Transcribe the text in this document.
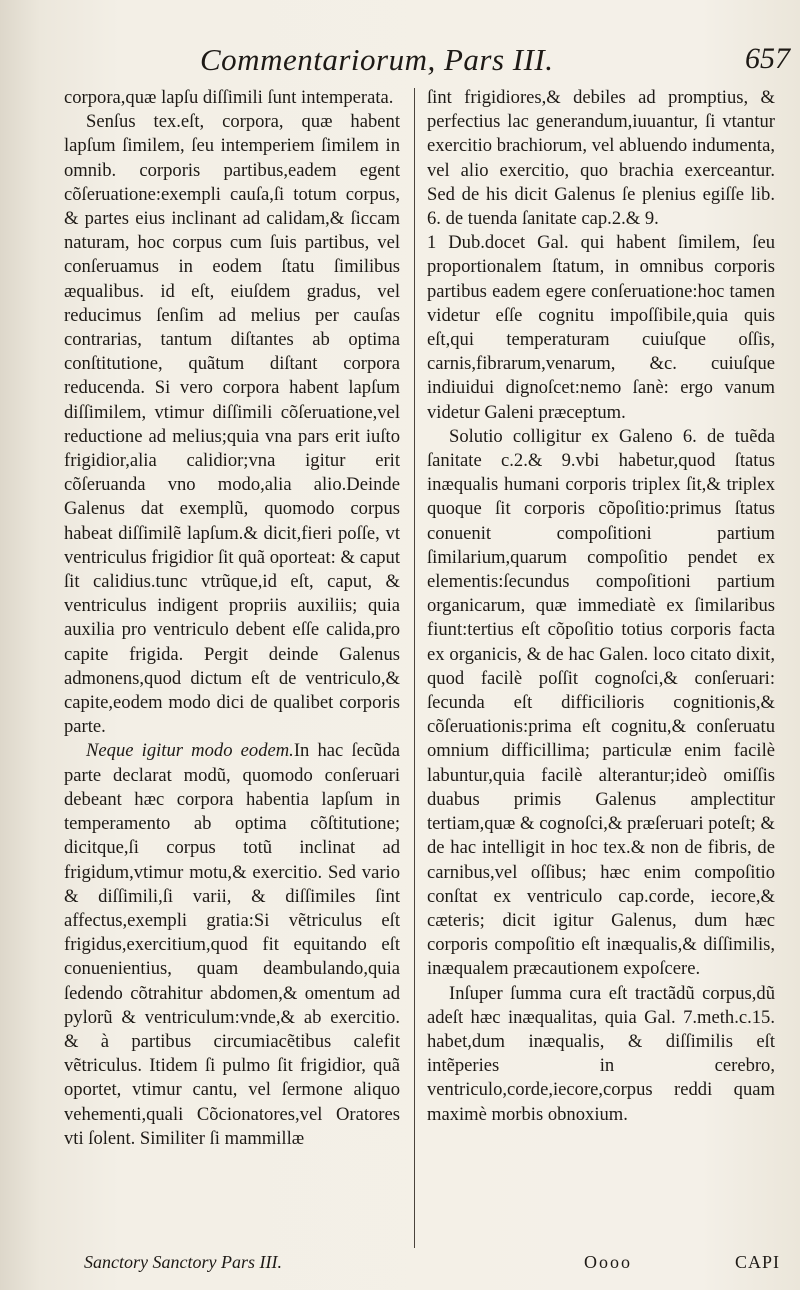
Commentariorum, Pars III.	657

corpora,quæ lapſu diſſimili ſunt intemperata.

Senſus tex.eſt, corpora, quæ habent lapſum ſimilem, ſeu intemperiem ſimilem in omnib. corporis partibus,eadem egent cõſeruatione:exempli cauſa,ſi totum corpus, & partes eius inclinant ad calidam,& ſiccam naturam, hoc corpus cum ſuis partibus, vel conſeruamus in eodem ſtatu ſimilibus æqualibus. id eſt, eiuſdem gradus, vel reducimus ſenſim ad melius per cauſas contrarias, tantum diſtantes ab optima conſtitutione, quãtum diſtant corpora reducenda. Si vero corpora habent lapſum diſſimilem, vtimur diſſimili cõſeruatione,vel reductione ad melius;quia vna pars erit iuſto frigidior,alia calidior;vna igitur erit cõſeruanda vno modo,alia alio.Deinde Galenus dat exemplũ, quomodo corpus habeat diſſimilẽ lapſum.& dicit,fieri poſſe, vt ventriculus frigidior ſit quã oporteat: & caput ſit calidius.tunc vtrũque,id eſt, caput, & ventriculus indigent propriis auxiliis; quia auxilia pro ventriculo debent eſſe calida,pro capite frigida. Pergit deinde Galenus admonens,quod dictum eſt de ventriculo,& capite,eodem modo dici de qualibet corporis parte.

Neque igitur modo eodem.In hac ſecũda parte declarat modũ, quomodo conſeruari debeant hæc corpora habentia lapſum in temperamento ab optima cõſtitutione; dicitque,ſi corpus totũ inclinat ad frigidum,vtimur motu,& exercitio. Sed vario & diſſimili,ſi varii, & diſſimiles ſint affectus,exempli gratia:Si vẽtriculus eſt frigidus,exercitium,quod fit equitando eſt conuenientius, quam deambulando,quia ſedendo cõtrahitur abdomen,& omentum ad pylorũ & ventriculum:vnde,& ab exercitio. & à partibus circumiacẽtibus calefit vẽtriculus. Itidem ſi pulmo ſit frigidior, quã oportet, vtimur cantu, vel ſermone aliquo vehementi,quali Cõcionatores,vel Oratores vti ſolent. Similiter ſi mammillæ

ſint frigidiores,& debiles ad promptius, & perfectius lac generandum,iuuantur, ſi vtantur exercitio brachiorum, vel abluendo indumenta, vel alio exercitio, quo brachia exerceantur. Sed de his dicit Galenus ſe plenius egiſſe lib. 6. de tuenda ſanitate cap.2.& 9.

1 Dub.docet Gal. qui habent ſimilem, ſeu proportionalem ſtatum, in omnibus corporis partibus eadem egere conſeruatione:hoc tamen videtur eſſe cognitu impoſſibile,quia quis eſt,qui temperaturam cuiuſque oſſis, carnis,fibrarum,venarum, &c. cuiuſque indiuidui dignoſcet:nemo ſanè: ergo vanum videtur Galeni præceptum.

Solutio colligitur ex Galeno 6. de tuẽda ſanitate c.2.& 9.vbi habetur,quod ſtatus inæqualis humani corporis triplex ſit,& triplex quoque ſit corporis cõpoſitio:primus ſtatus conuenit compoſitioni partium ſimilarium,quarum compoſitio pendet ex elementis:ſecundus compoſitioni partium organicarum, quæ immediatè ex ſimilaribus fiunt:tertius eſt cõpoſitio totius corporis facta ex organicis, & de hac Galen. loco citato dixit, quod facilè poſſit cognoſci,& conſeruari: ſecunda eſt difficilioris cognitionis,& cõſeruationis:prima eſt cognitu,& conſeruatu omnium difficillima; particulæ enim facilè labuntur,quia facilè alterantur;ideò omiſſis duabus primis Galenus amplectitur tertiam,quæ & cognoſci,& præſeruari poteſt; & de hac intelligit in hoc tex.& non de fibris, de carnibus,vel oſſibus; hæc enim compoſitio conſtat ex ventriculo cap.corde, iecore,& cæteris; dicit igitur Galenus, dum hæc corporis compoſitio eſt inæqualis,& diſſimilis, inæqualem præcautionem expoſcere.

Inſuper ſumma cura eſt tractãdũ corpus,dũ adeſt hæc inæqualitas, quia Gal. 7.meth.c.15. habet,dum inæqualis, & diſſimilis eſt intẽperies in cerebro, ventriculo,corde,iecore,corpus reddi quam maximè morbis obnoxium.

Sanctory Sanctory Pars III.	Oooo	CAPI
